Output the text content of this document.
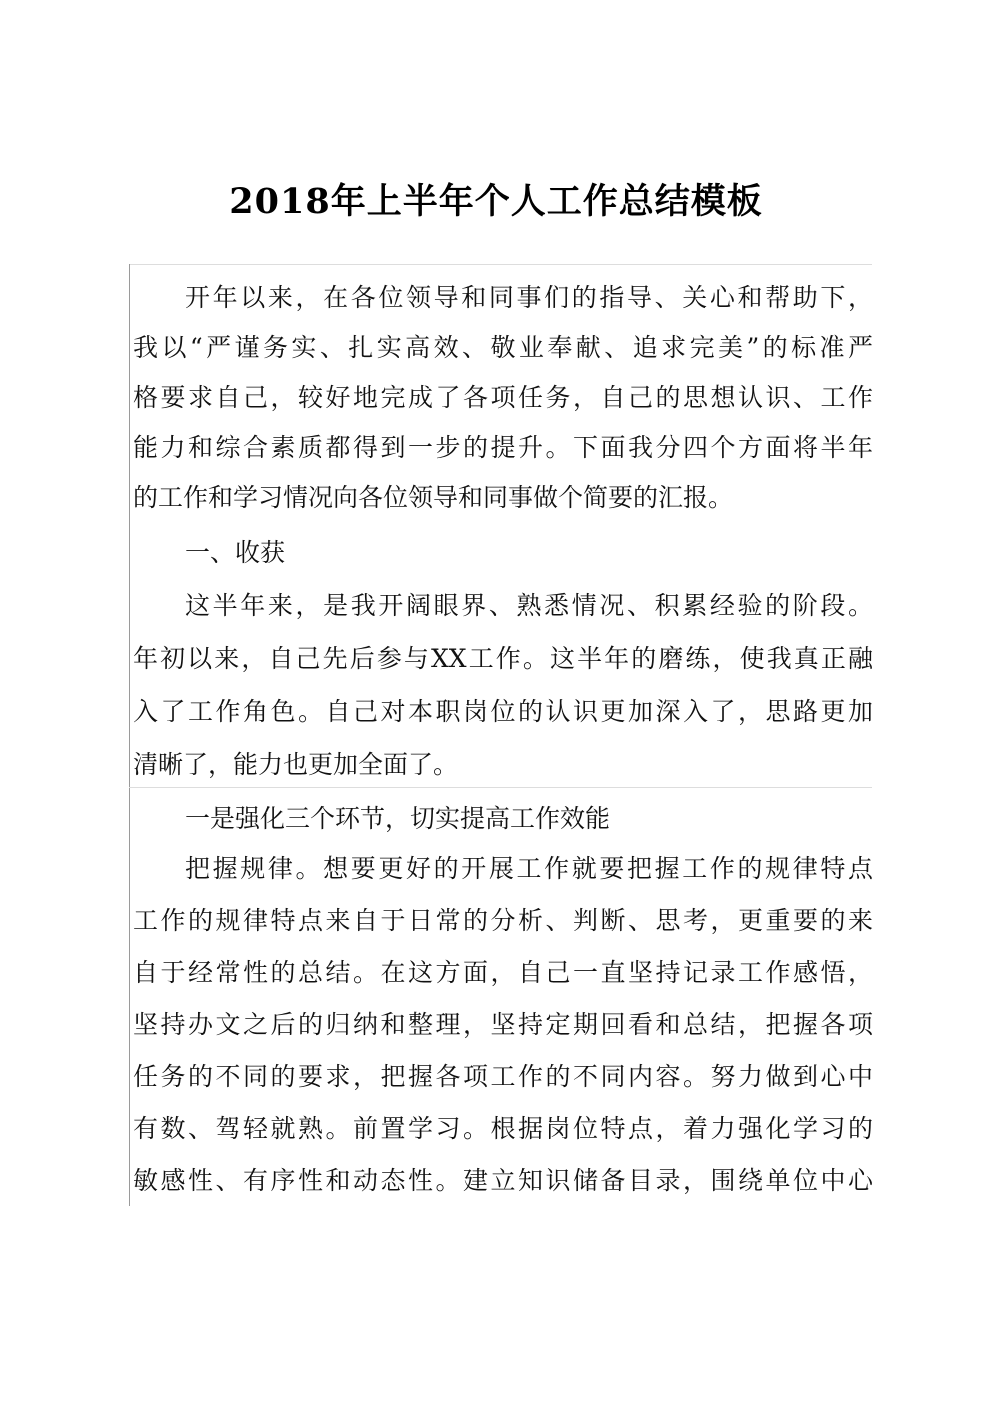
2018年上半年个人工作总结模板
开年以来，在各位领导和同事们的指导、关心和帮助下，
我以“严谨务实、扎实高效、敬业奉献、追求完美”的标准严
格要求自己，较好地完成了各项任务，自己的思想认识、工作
能力和综合素质都得到一步的提升。下面我分四个方面将半年
的工作和学习情况向各位领导和同事做个简要的汇报。
一、收获
这半年来，是我开阔眼界、熟悉情况、积累经验的阶段。
年初以来，自己先后参与XX工作。这半年的磨练，使我真正融
入了工作角色。自己对本职岗位的认识更加深入了，思路更加
清晰了，能力也更加全面了。
一是强化三个环节，切实提高工作效能
把握规律。想要更好的开展工作就要把握工作的规律特点
工作的规律特点来自于日常的分析、判断、思考，更重要的来
自于经常性的总结。在这方面，自己一直坚持记录工作感悟，
坚持办文之后的归纳和整理，坚持定期回看和总结，把握各项
任务的不同的要求，把握各项工作的不同内容。努力做到心中
有数、驾轻就熟。前置学习。根据岗位特点，着力强化学习的
敏感性、有序性和动态性。建立知识储备目录，围绕单位中心
